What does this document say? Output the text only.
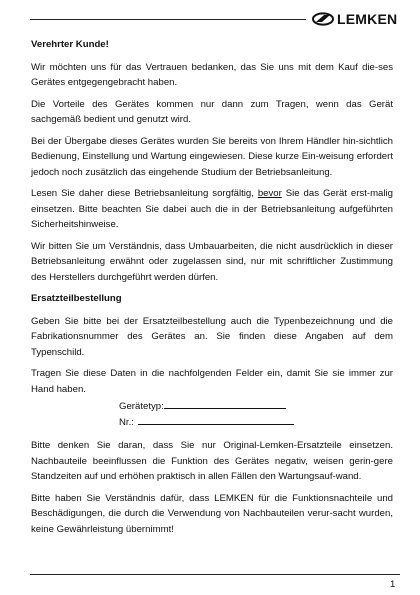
LEMKEN

Verehrter Kunde!

Wir möchten uns für das Vertrauen bedanken, das Sie uns mit dem Kauf die-ses Gerätes entgegengebracht haben.

Die Vorteile des Gerätes kommen nur dann zum Tragen, wenn das Gerät sachgemäß bedient und genutzt wird.

Bei der Übergabe dieses Gerätes wurden Sie bereits von Ihrem Händler hin-sichtlich Bedienung, Einstellung und Wartung eingewiesen. Diese kurze Ein-weisung erfordert jedoch noch zusätzlich das eingehende Studium der Betriebsanleitung.

Lesen Sie daher diese Betriebsanleitung sorgfältig, bevor Sie das Gerät erst-malig einsetzen. Bitte beachten Sie dabei auch die in der Betriebsanleitung aufgeführten Sicherheitshinweise.

Wir bitten Sie um Verständnis, dass Umbauarbeiten, die nicht ausdrücklich in dieser Betriebsanleitung erwähnt oder zugelassen sind, nur mit schriftlicher Zustimmung des Herstellers durchgeführt werden dürfen.

Ersatzteilbestellung

Geben Sie bitte bei der Ersatzteilbestellung auch die Typenbezeichnung und die Fabrikationsnummer des Gerätes an. Sie finden diese Angaben auf dem Typenschild.

Tragen Sie diese Daten in die nachfolgenden Felder ein, damit Sie sie immer zur Hand haben.

Gerätetyp:

Nr.:

Bitte denken Sie daran, dass Sie nur Original-Lemken-Ersatzteile einsetzen. Nachbauteile beeinflussen die Funktion des Gerätes negativ, weisen gerin-gere Standzeiten auf und erhöhen praktisch in allen Fällen den Wartungsauf-wand.

Bitte haben Sie Verständnis dafür, dass LEMKEN für die Funktionsnachteile und Beschädigungen, die durch die Verwendung von Nachbauteilen verur-sacht wurden, keine Gewährleistung übernimmt!

1
